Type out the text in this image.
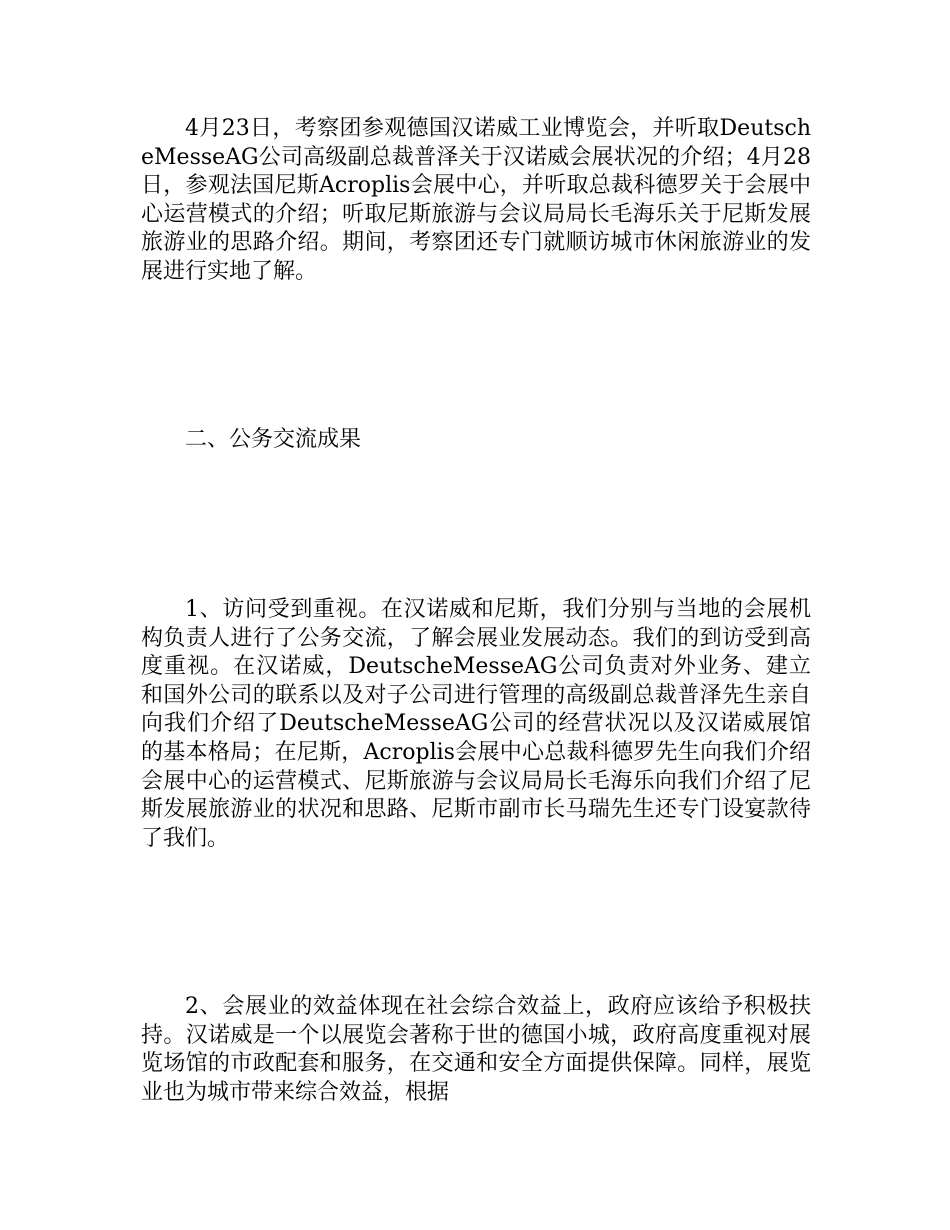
4月23日，考察团参观德国汉诺威工业博览会，并听取DeutscheMesseAG公司高级副总裁普泽关于汉诺威会展状况的介绍；4月28日，参观法国尼斯Acroplis会展中心，并听取总裁科德罗关于会展中心运营模式的介绍；听取尼斯旅游与会议局局长毛海乐关于尼斯发展旅游业的思路介绍。期间，考察团还专门就顺访城市休闲旅游业的发展进行实地了解。

二、公务交流成果

1、访问受到重视。在汉诺威和尼斯，我们分别与当地的会展机构负责人进行了公务交流，了解会展业发展动态。我们的到访受到高度重视。在汉诺威，DeutscheMesseAG公司负责对外业务、建立和国外公司的联系以及对子公司进行管理的高级副总裁普泽先生亲自向我们介绍了DeutscheMesseAG公司的经营状况以及汉诺威展馆的基本格局；在尼斯，Acroplis会展中心总裁科德罗先生向我们介绍会展中心的运营模式、尼斯旅游与会议局局长毛海乐向我们介绍了尼斯发展旅游业的状况和思路、尼斯市副市长马瑞先生还专门设宴款待了我们。

2、会展业的效益体现在社会综合效益上，政府应该给予积极扶持。汉诺威是一个以展览会著称于世的德国小城，政府高度重视对展览场馆的市政配套和服务，在交通和安全方面提供保障。同样，展览业也为城市带来综合效益，根据
